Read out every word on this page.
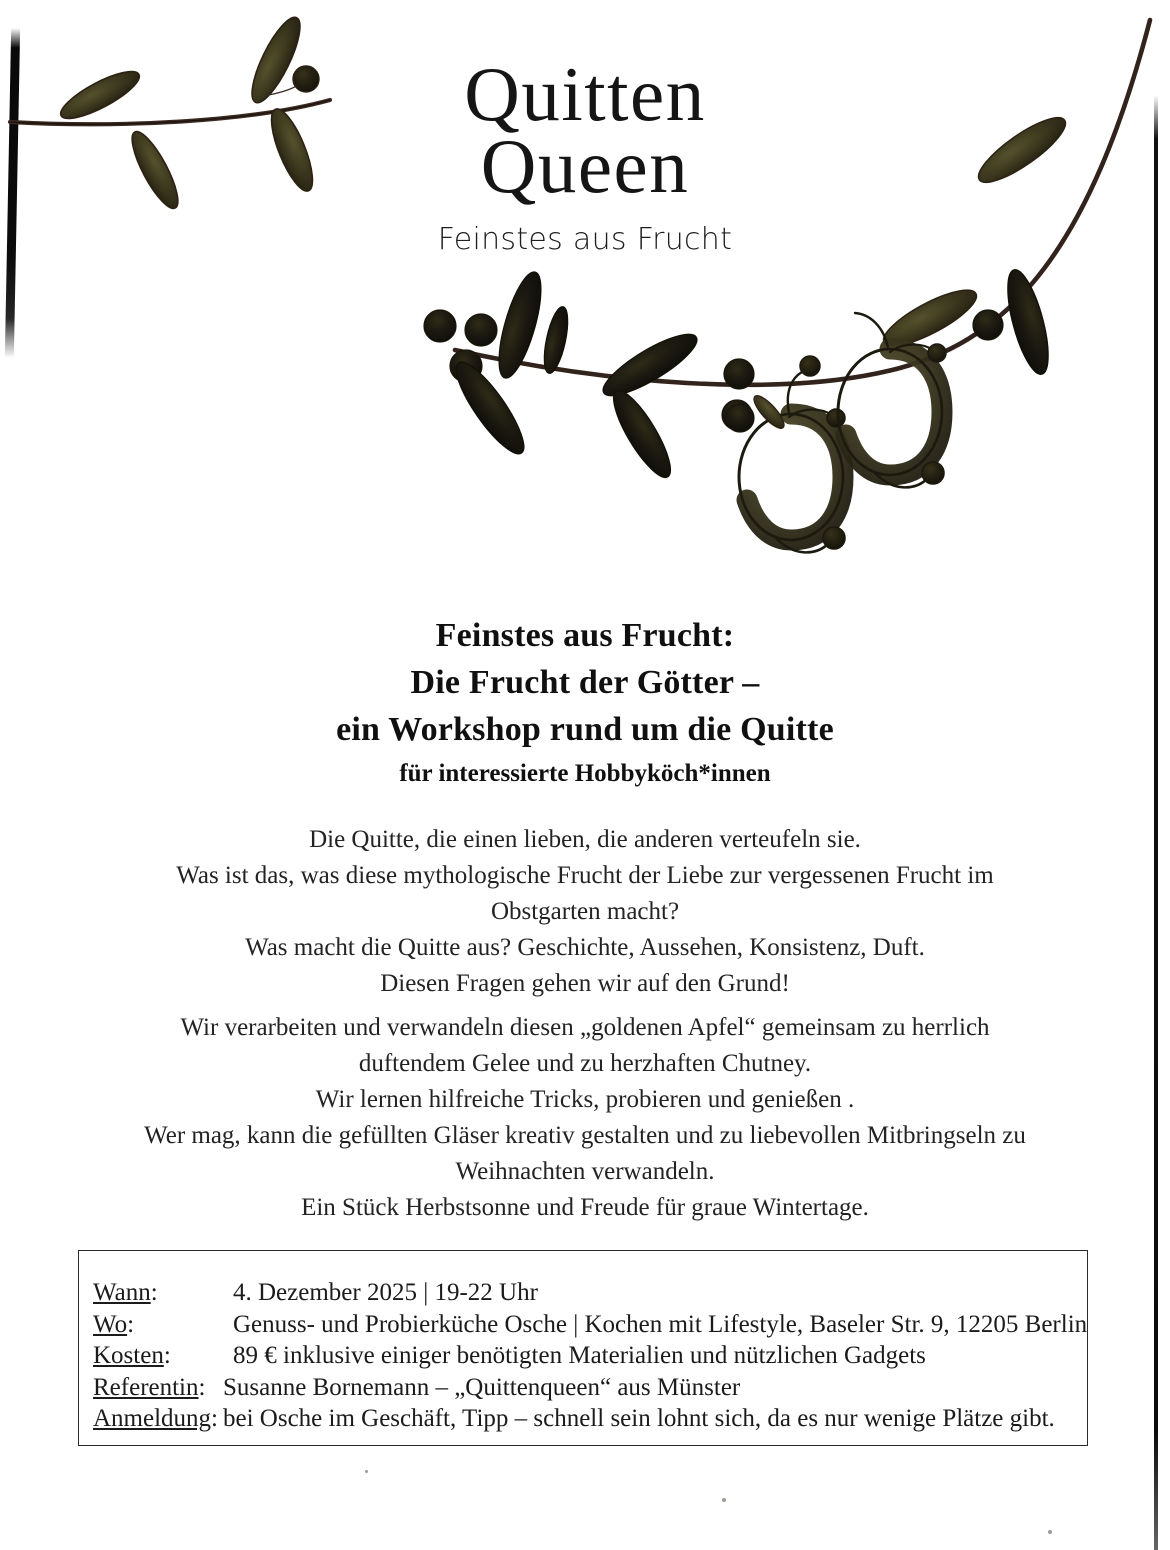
Quitten
Queen
Feinstes aus Frucht
Feinstes aus Frucht:
Die Frucht der Götter –
ein Workshop rund um die Quitte
für interessierte Hobbyköch*innen
Die Quitte, die einen lieben, die anderen verteufeln sie.
Was ist das, was diese mythologische Frucht der Liebe zur vergessenen Frucht im
Obstgarten macht?
Was macht die Quitte aus? Geschichte, Aussehen, Konsistenz, Duft.
Diesen Fragen gehen wir auf den Grund!
Wir verarbeiten und verwandeln diesen „goldenen Apfel“ gemeinsam zu herrlich
duftendem Gelee und zu herzhaften Chutney.
Wir lernen hilfreiche Tricks, probieren und genießen .
Wer mag, kann die gefüllten Gläser kreativ gestalten und zu liebevollen Mitbringseln zu
Weihnachten verwandeln.
Ein Stück Herbstsonne und Freude für graue Wintertage.
Wann:	4. Dezember 2025 | 19-22 Uhr
Wo:	Genuss- und Probierküche Osche | Kochen mit Lifestyle, Baseler Str. 9, 12205 Berlin
Kosten:	89 € inklusive einiger benötigten Materialien und nützlichen Gadgets
Referentin: Susanne Bornemann – „Quittenqueen“ aus Münster
Anmeldung: bei Osche im Geschäft, Tipp – schnell sein lohnt sich, da es nur wenige Plätze gibt.
